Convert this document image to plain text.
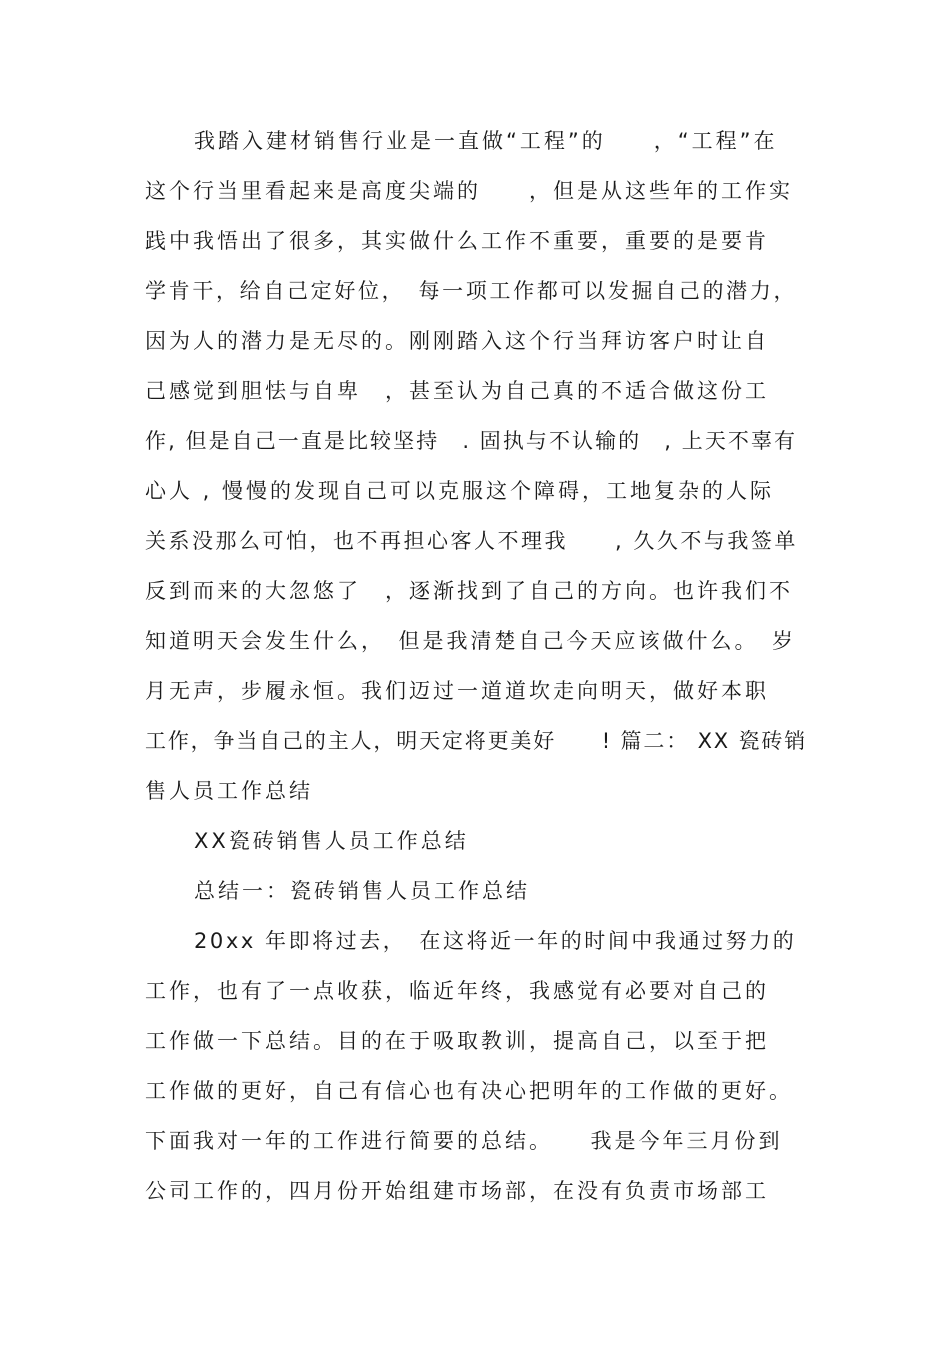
我踏入建材销售行业是一直做“工程”的　　，“工程”在
这个行当里看起来是高度尖端的　　，但是从这些年的工作实
践中我悟出了很多，其实做什么工作不重要，重要的是要肯
学肯干，给自己定好位，　每一项工作都可以发掘自己的潜力，
因为人的潜力是无尽的。刚刚踏入这个行当拜访客户时让自
己感觉到胆怯与自卑　，甚至认为自己真的不适合做这份工
作, 但是自己一直是比较坚持　. 固执与不认输的　, 上天不辜有
心人 , 慢慢的发现自己可以克服这个障碍，工地复杂的人际
关系没那么可怕，也不再担心客人不理我　　, 久久不与我签单
反到而来的大忽悠了　，逐渐找到了自己的方向。也许我们不
知道明天会发生什么，　但是我清楚自己今天应该做什么。　岁
月无声，步履永恒。我们迈过一道道坎走向明天，做好本职
工作，争当自己的主人，明天定将更美好　　! 篇二： XX 瓷砖销
售人员工作总结
XX瓷砖销售人员工作总结
总结一：瓷砖销售人员工作总结
20xx 年即将过去，　在这将近一年的时间中我通过努力的
工作，也有了一点收获，临近年终，我感觉有必要对自己的
工作做一下总结。目的在于吸取教训，提高自己，以至于把
工作做的更好，自己有信心也有决心把明年的工作做的更好。
下面我对一年的工作进行简要的总结。　　我是今年三月份到
公司工作的，四月份开始组建市场部，在没有负责市场部工
